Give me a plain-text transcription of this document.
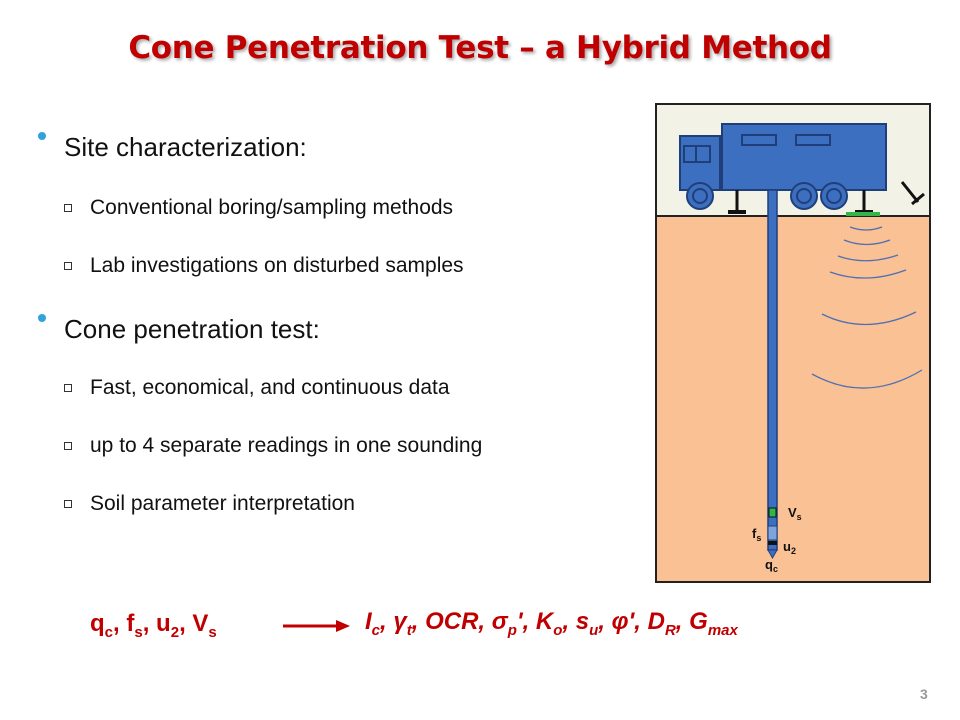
Cone Penetration Test – a Hybrid Method
Site characterization:
Conventional boring/sampling methods
Lab investigations on disturbed samples
Cone penetration test:
Fast, economical, and continuous data
up to 4 separate readings in one sounding
Soil parameter interpretation	$V_s$
$f_s$
$u_2$
$q_c$
$q_c$, $f_s$, $u_2$, $V_s$	$I_c$, $\gamma_t$, OCR, $\sigma_p'$, $K_o$, $s_u$, φ', $D_R$, $G_{max}$
3
